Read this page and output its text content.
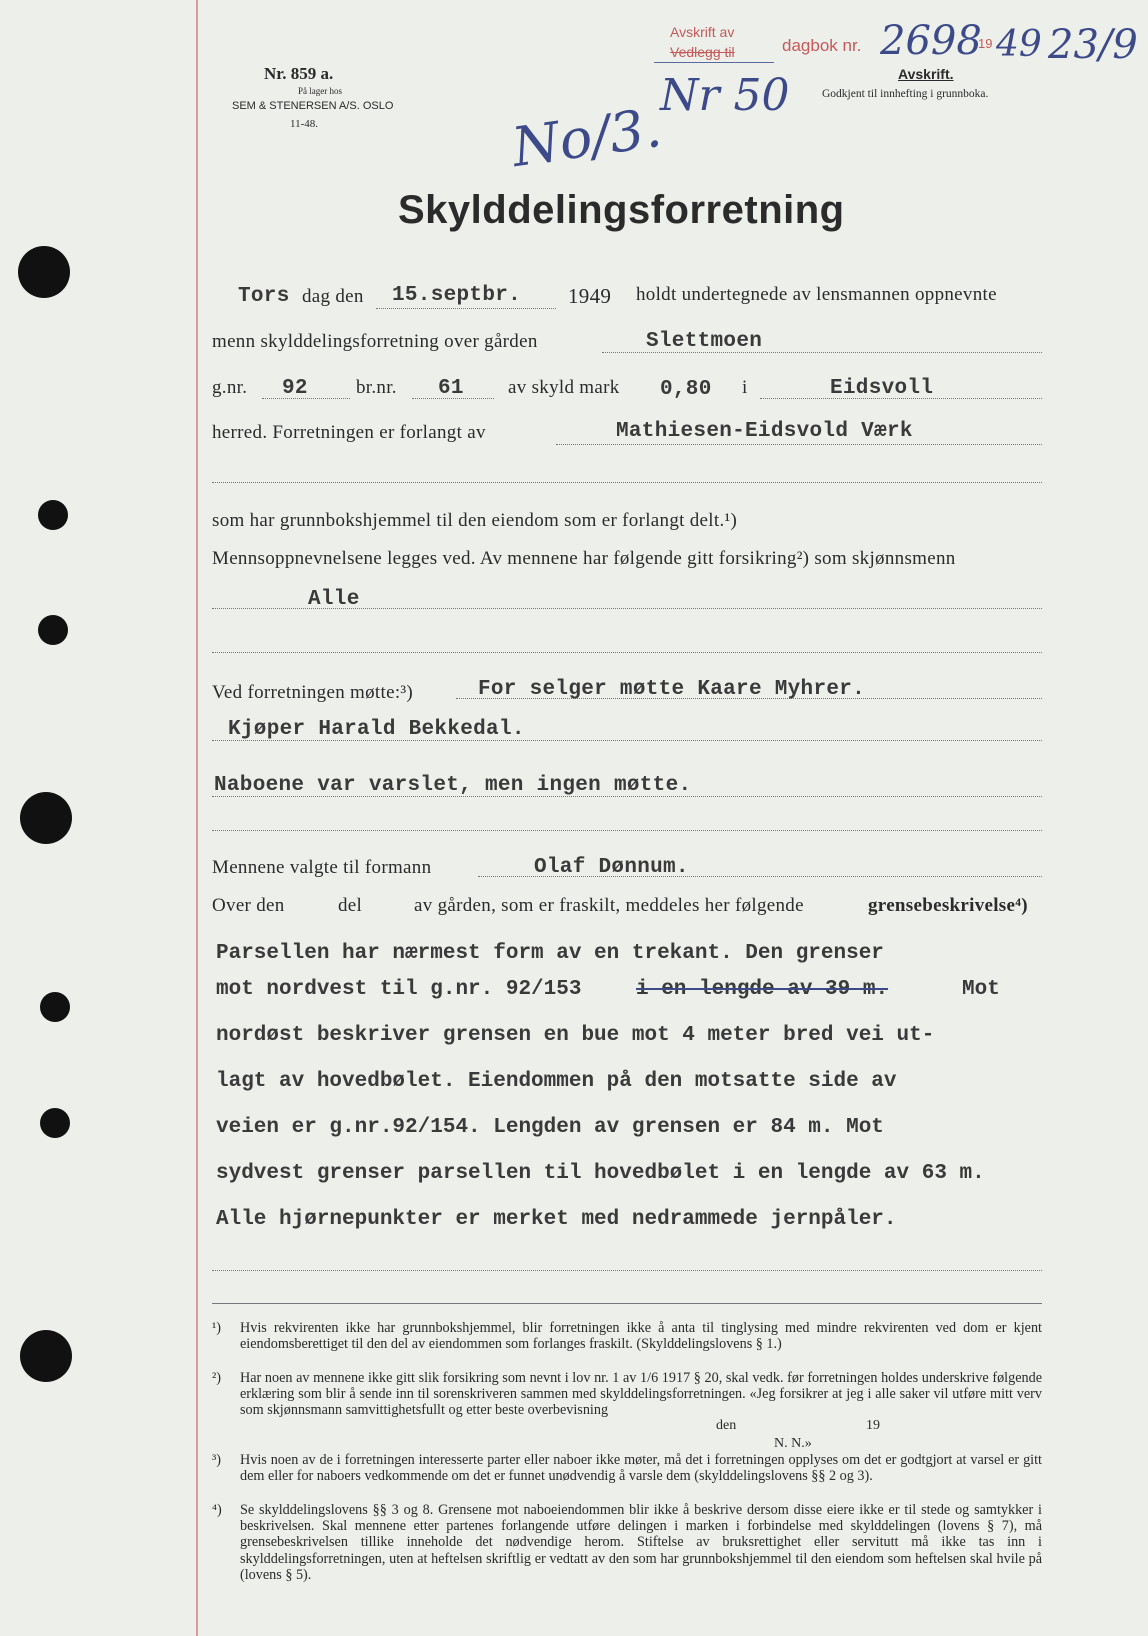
Nr. 859 a.
På lager hos
SEM & STENERSEN A/S. OSLO
11-48.
Avskrift av
Vedlegg til	dagbok nr. 2698
19 49 23/9
Avskrift.
Godkjent til innhefting i grunnboka.
No/3.
Nr 50
Skylddelingsforretning
Tors dag den 15.septbr. 1949 holdt undertegnede av lensmannen oppnevnte
menn skylddelingsforretning over gården	Slettmoen
g.nr. 92	br.nr. 61 av skyld mark 0,80 i	Eidsvoll
herred. Forretningen er forlangt av	Mathiesen-Eidsvold Værk
som har grunnbokshjemmel til den eiendom som er forlangt delt.¹)
Mennsoppnevnelsene legges ved. Av mennene har følgende gitt forsikring²) som skjønnsmenn
Alle
Ved forretningen møtte:³)	For selger møtte Kaare Myhrer.
Kjøper Harald Bekkedal.
Naboene var varslet, men ingen møtte.
Mennene valgte til formann	Olaf Dønnum.
Over den	del	av gården, som er fraskilt, meddeles her følgende	grensebeskrivelse⁴)
Parsellen har nærmest form av en trekant. Den grenser
mot nordvest til g.nr. 92/153	i en lengde av 39 m.	Mot
nordøst beskriver grensen en bue mot 4 meter bred vei ut-
lagt av hovedbølet. Eiendommen på den motsatte side av
veien er g.nr.92/154. Lengden av grensen er 84 m. Mot
sydvest grenser parsellen til hovedbølet i en lengde av 63 m.
Alle hjørnepunkter er merket med nedrammede jernpåler.
¹) Hvis rekvirenten ikke har grunnbokshjemmel, blir forretningen ikke å anta til tinglysing med mindre rekvirenten ved dom er kjent eiendomsberettiget til den del av eiendommen som forlanges fraskilt. (Skylddelingslovens § 1.)
²) Har noen av mennene ikke gitt slik forsikring som nevnt i lov nr. 1 av 1/6 1917 § 20, skal vedk. før forretningen holdes underskrive følgende erklæring som blir å sende inn til sorenskriveren sammen med skylddelingsforretningen. «Jeg forsikrer at jeg i alle saker vil utføre mitt verv som skjønnsmann samvittighetsfullt og etter beste overbevisning
den	19
N. N.»
³) Hvis noen av de i forretningen interesserte parter eller naboer ikke møter, må det i forretningen opplyses om det er godtgjort at varsel er gitt dem eller for naboers vedkommende om det er funnet unødvendig å varsle dem (skylddelingslovens §§ 2 og 3).
⁴) Se skylddelingslovens §§ 3 og 8. Grensene mot naboeiendommen blir ikke å beskrive dersom disse eiere ikke er til stede og samtykker i beskrivelsen. Skal mennene etter partenes forlangende utføre delingen i marken i forbindelse med skylddelingen (lovens § 7), må grensebeskrivelsen tillike inneholde det nødvendige herom. Stiftelse av bruksrettighet eller servitutt må ikke tas inn i skylddelingsforretningen, uten at heftelsen skriftlig er vedtatt av den som har grunnbokshjemmel til den eiendom som heftelsen skal hvile på (lovens § 5).
